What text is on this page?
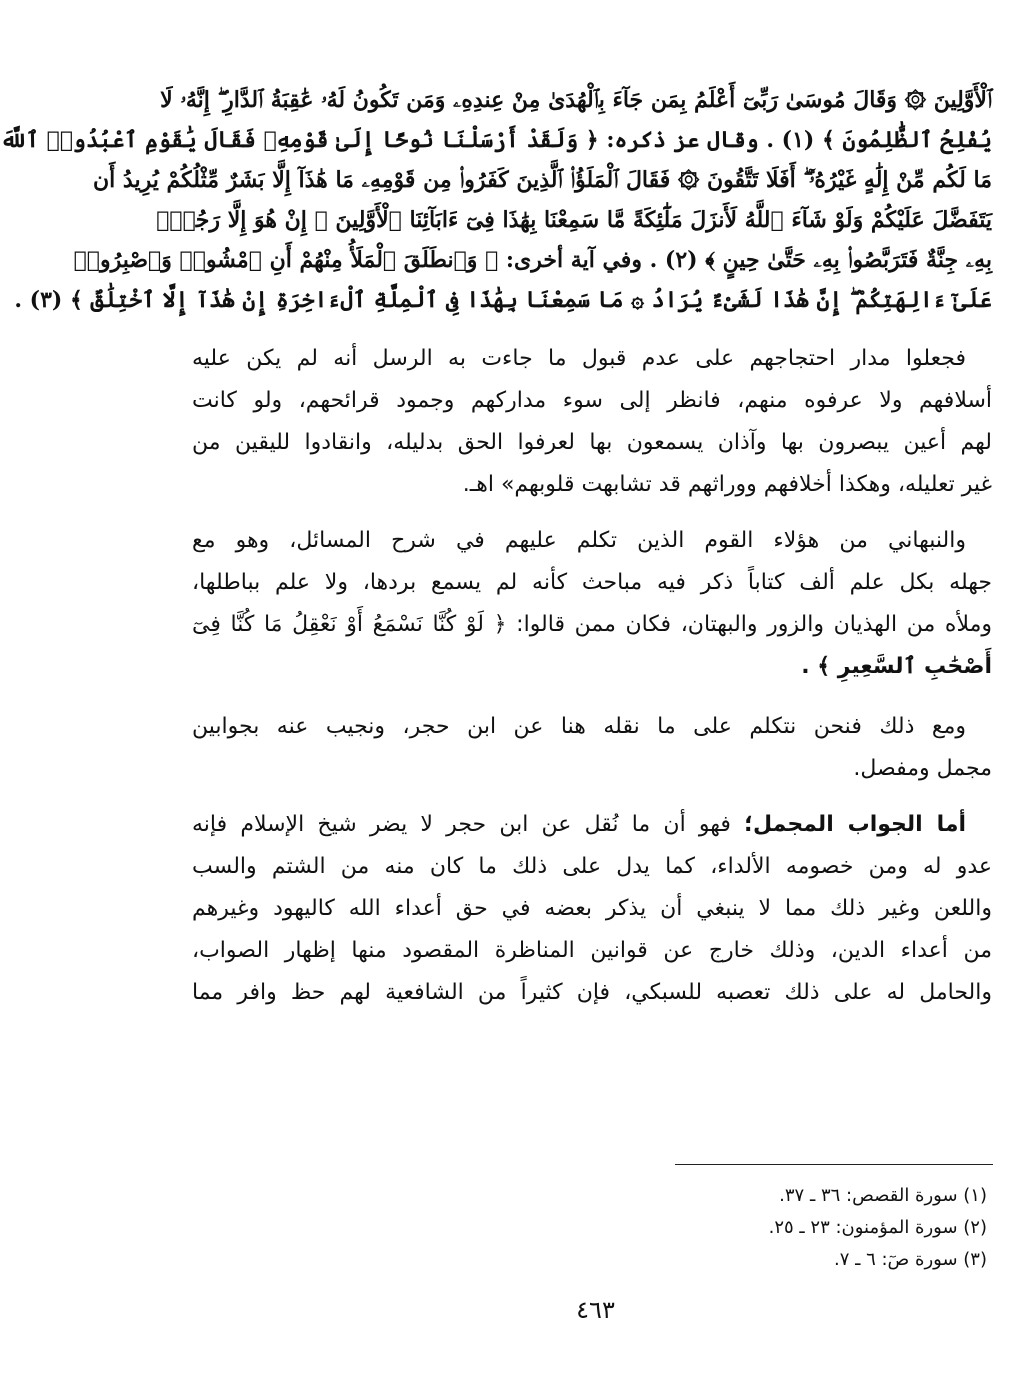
ٱلْأَوَّلِينَ ۞ وَقَالَ مُوسَىٰ رَبِّىٓ أَعْلَمُ بِمَن جَآءَ بِٱلْهُدَىٰ مِنْ عِندِهِۦ وَمَن تَكُونُ لَهُۥ عَٰقِبَةُ ٱلدَّارِ ۖ إِنَّهُۥ لَا
يُفْلِحُ ٱلظَّٰلِمُونَ ﴾ (١) . وقال عز ذكره: ﴿ وَلَقَدْ أَرْسَلْنَا نُوحًا إِلَىٰ قَوْمِهِۦ فَقَالَ يَٰقَوْمِ ٱعْبُدُوا۟ ٱللَّهَ
مَا لَكُم مِّنْ إِلَٰهٍ غَيْرُهُۥٓ ۖ أَفَلَا تَتَّقُونَ ۞ فَقَالَ ٱلْمَلَؤُا۟ ٱلَّذِينَ كَفَرُوا۟ مِن قَوْمِهِۦ مَا هَٰذَآ إِلَّا بَشَرٌ مِّثْلُكُمْ يُرِيدُ أَن
يَتَفَضَّلَ عَلَيْكُمْ وَلَوْ شَآءَ ٱللَّهُ لَأَنزَلَ مَلَٰٓئِكَةً مَّا سَمِعْنَا بِهَٰذَا فِىٓ ءَابَآئِنَا ٱلْأَوَّلِينَ ۞ إِنْ هُوَ إِلَّا رَجُلٌۢ
بِهِۦ جِنَّةٌ فَتَرَبَّصُوا۟ بِهِۦ حَتَّىٰ حِينٍ ﴾ (٢) . وفي آية أخرى: ﴿ وَٱنطَلَقَ ٱلْمَلَأُ مِنْهُمْ أَنِ ٱمْشُوا۟ وَٱصْبِرُوا۟
عَلَىٰٓ ءَالِهَتِكُمْ ۖ إِنَّ هَٰذَا لَشَىْءٌ يُرَادُ ۞ مَا سَمِعْنَا بِهَٰذَا فِى ٱلْمِلَّةِ ٱلْءَاخِرَةِ إِنْ هَٰذَآ إِلَّا ٱخْتِلَٰقٌ ﴾ (٣) .
فجعلوا مدار احتجاجهم على عدم قبول ما جاءت به الرسل أنه لم يكن عليه
أسلافهم ولا عرفوه منهم، فانظر إلى سوء مداركهم وجمود قرائحهم، ولو كانت
لهم أعين يبصرون بها وآذان يسمعون بها لعرفوا الحق بدليله، وانقادوا لليقين من
غير تعليله، وهكذا أخلافهم ووراثهم قد تشابهت قلوبهم» اهـ.
والنبهاني من هؤلاء القوم الذين تكلم عليهم في شرح المسائل، وهو مع
جهله بكل علم ألف كتاباً ذكر فيه مباحث كأنه لم يسمع بردها، ولا علم بباطلها،
وملأه من الهذيان والزور والبهتان، فكان ممن قالوا: ﴿ لَوْ كُنَّا نَسْمَعُ أَوْ نَعْقِلُ مَا كُنَّا فِىٓ
أَصْحَٰبِ ٱلسَّعِيرِ ﴾ .
ومع ذلك فنحن نتكلم على ما نقله هنا عن ابن حجر، ونجيب عنه بجوابين
مجمل ومفصل.
أما الجواب المجمل؛ فهو أن ما نُقل عن ابن حجر لا يضر شيخ الإسلام فإنه
عدو له ومن خصومه الألداء، كما يدل على ذلك ما كان منه من الشتم والسب
واللعن وغير ذلك مما لا ينبغي أن يذكر بعضه في حق أعداء الله كاليهود وغيرهم
من أعداء الدين، وذلك خارج عن قوانين المناظرة المقصود منها إظهار الصواب،
والحامل له على ذلك تعصبه للسبكي، فإن كثيراً من الشافعية لهم حظ وافر مما
(١) سورة القصص: ٣٦ ـ ٣٧.
(٢) سورة المؤمنون: ٢٣ ـ ٢٥.
(٣) سورة صٓ: ٦ ـ ٧.
٤٦٣
